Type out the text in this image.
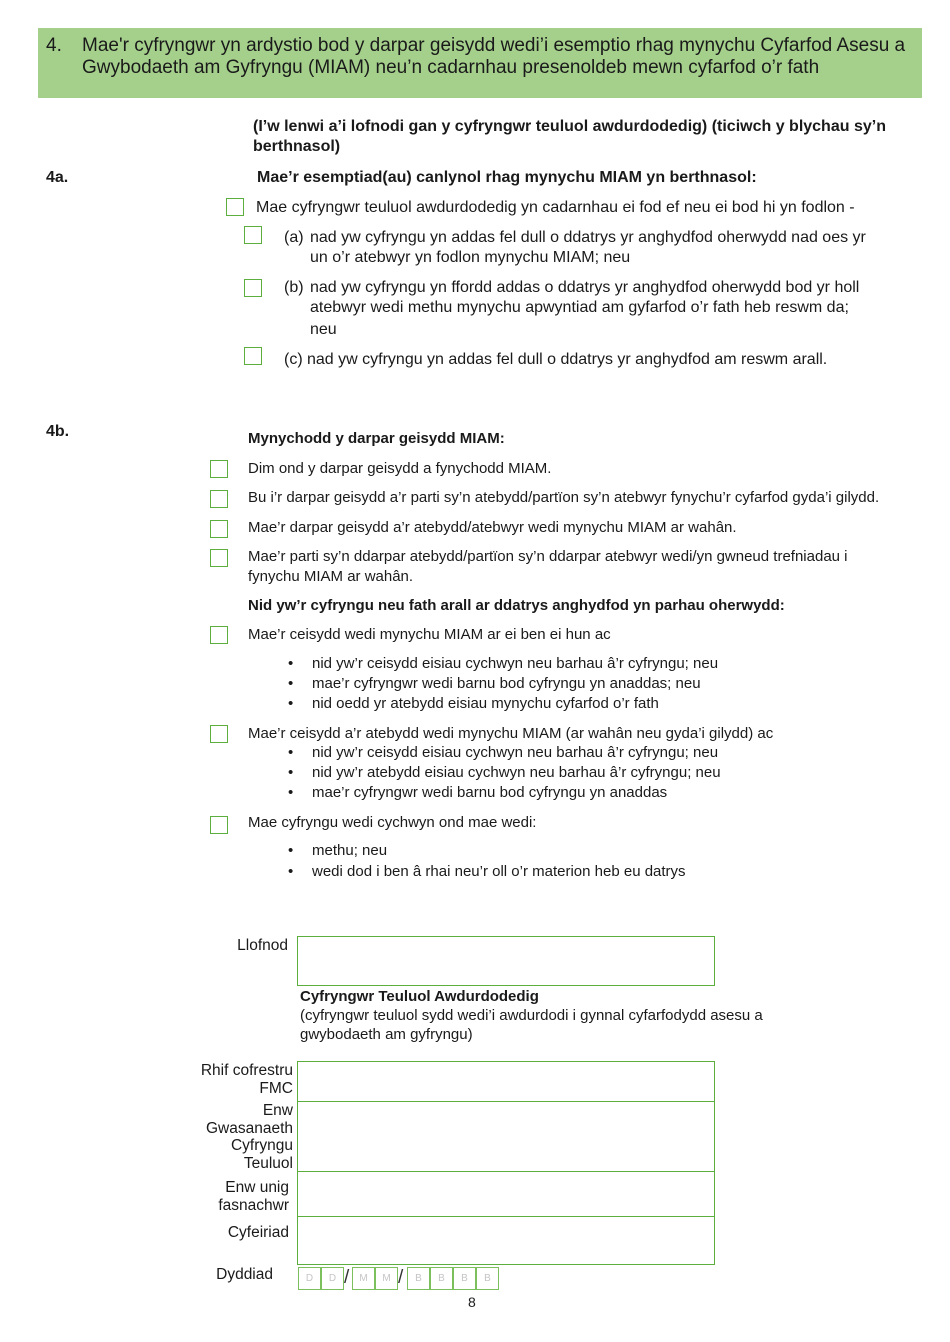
4. Mae'r cyfryngwr yn ardystio bod y darpar geisydd wedi’i esemptio rhag mynychu Cyfarfod Asesu a Gwybodaeth am Gyfryngu (MIAM) neu’n cadarnhau presenoldeb mewn cyfarfod o’r fath
(I’w lenwi a’i lofnodi gan y cyfryngwr teuluol awdurdodedig) (ticiwch y blychau sy’n berthnasol)
4a.	Mae’r esemptiad(au) canlynol rhag mynychu MIAM yn berthnasol:
Mae cyfryngwr teuluol awdurdodedig yn cadarnhau ei fod ef neu ei bod hi yn fodlon -
(a) nad yw cyfryngu yn addas fel dull o ddatrys yr anghydfod oherwydd nad oes yr
un o’r atebwyr yn fodlon mynychu MIAM; neu
(b) nad yw cyfryngu yn ffordd addas o ddatrys yr anghydfod oherwydd bod yr holl
atebwyr wedi methu mynychu apwyntiad am gyfarfod o’r fath heb reswm da;
neu
(c) nad yw cyfryngu yn addas fel dull o ddatrys yr anghydfod am reswm arall.
4b.	Mynychodd y darpar geisydd MIAM:
Dim ond y darpar geisydd a fynychodd MIAM.
Bu i’r darpar geisydd a’r parti sy’n atebydd/partïon sy’n atebwyr fynychu’r cyfarfod gyda’i gilydd.
Mae’r darpar geisydd a’r atebydd/atebwyr wedi mynychu MIAM ar wahân.
Mae’r parti sy’n ddarpar atebydd/partïon sy’n ddarpar atebwyr wedi/yn gwneud trefniadau i
fynychu MIAM ar wahân.
Nid yw’r cyfryngu neu fath arall ar ddatrys anghydfod yn parhau oherwydd:
Mae’r ceisydd wedi mynychu MIAM ar ei ben ei hun ac
• nid yw’r ceisydd eisiau cychwyn neu barhau â’r cyfryngu; neu
• mae’r cyfryngwr wedi barnu bod cyfryngu yn anaddas; neu
• nid oedd yr atebydd eisiau mynychu cyfarfod o’r fath
Mae’r ceisydd a’r atebydd wedi mynychu MIAM (ar wahân neu gyda’i gilydd) ac
• nid yw’r ceisydd eisiau cychwyn neu barhau â’r cyfryngu; neu
• nid yw’r atebydd eisiau cychwyn neu barhau â’r cyfryngu; neu
• mae’r cyfryngwr wedi barnu bod cyfryngu yn anaddas
Mae cyfryngu wedi cychwyn ond mae wedi:
• methu; neu
• wedi dod i ben â rhai neu’r oll o’r materion heb eu datrys
Llofnod
Cyfryngwr Teuluol Awdurdodedig
(cyfryngwr teuluol sydd wedi’i awdurdodi i gynnal cyfarfodydd asesu a
gwybodaeth am gyfryngu)
Rhif cofrestru
FMC
Enw
Gwasanaeth
Cyfryngu
Teuluol
Enw unig
fasnachwr
Cyfeiriad
Dyddiad	D	D /	M	M /	B	B	B	B
8
